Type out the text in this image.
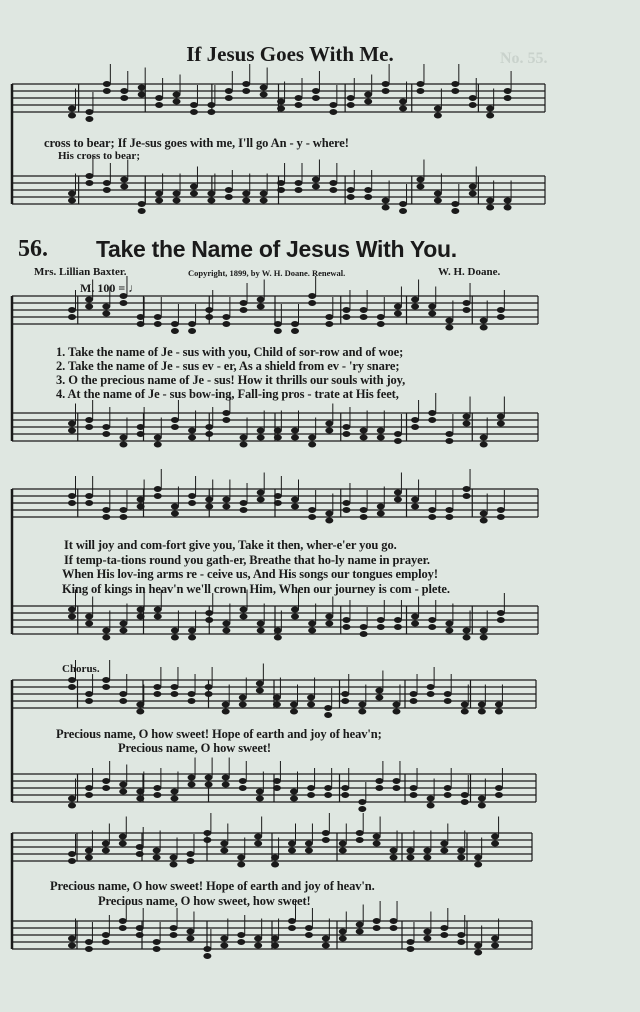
No. 55.
If Jesus Goes With Me.
cross to bear; If Je-sus goes with me, I'll go An - y - where!
His cross to bear;
56. Take the Name of Jesus With You.
Mrs. Lillian Baxter.	Copyright, 1899, by W. H. Doane. Renewal.	W. H. Doane.
M. 100 = ♩
1. Take the name of Je - sus with you, Child of sor-row and of woe;
2. Take the name of Je - sus ev - er, As a shield from ev - 'ry snare;
3. O the precious name of Je - sus! How it thrills our souls with joy,
4. At the name of Je - sus bow-ing, Fall-ing pros - trate at His feet,
It will joy and com-fort give you, Take it then, wher-e'er you go.
If temp-ta-tions round you gath-er, Breathe that ho-ly name in prayer.
When His lov-ing arms re - ceive us, And His songs our tongues employ!
King of kings in heav'n we'll crown Him, When our journey is com - plete.
Chorus.
Precious name, O how sweet! Hope of earth and joy of heav'n;
Precious name, O how sweet!
Precious name, O how sweet! Hope of earth and joy of heav'n.
Precious name, O how sweet, how sweet!
